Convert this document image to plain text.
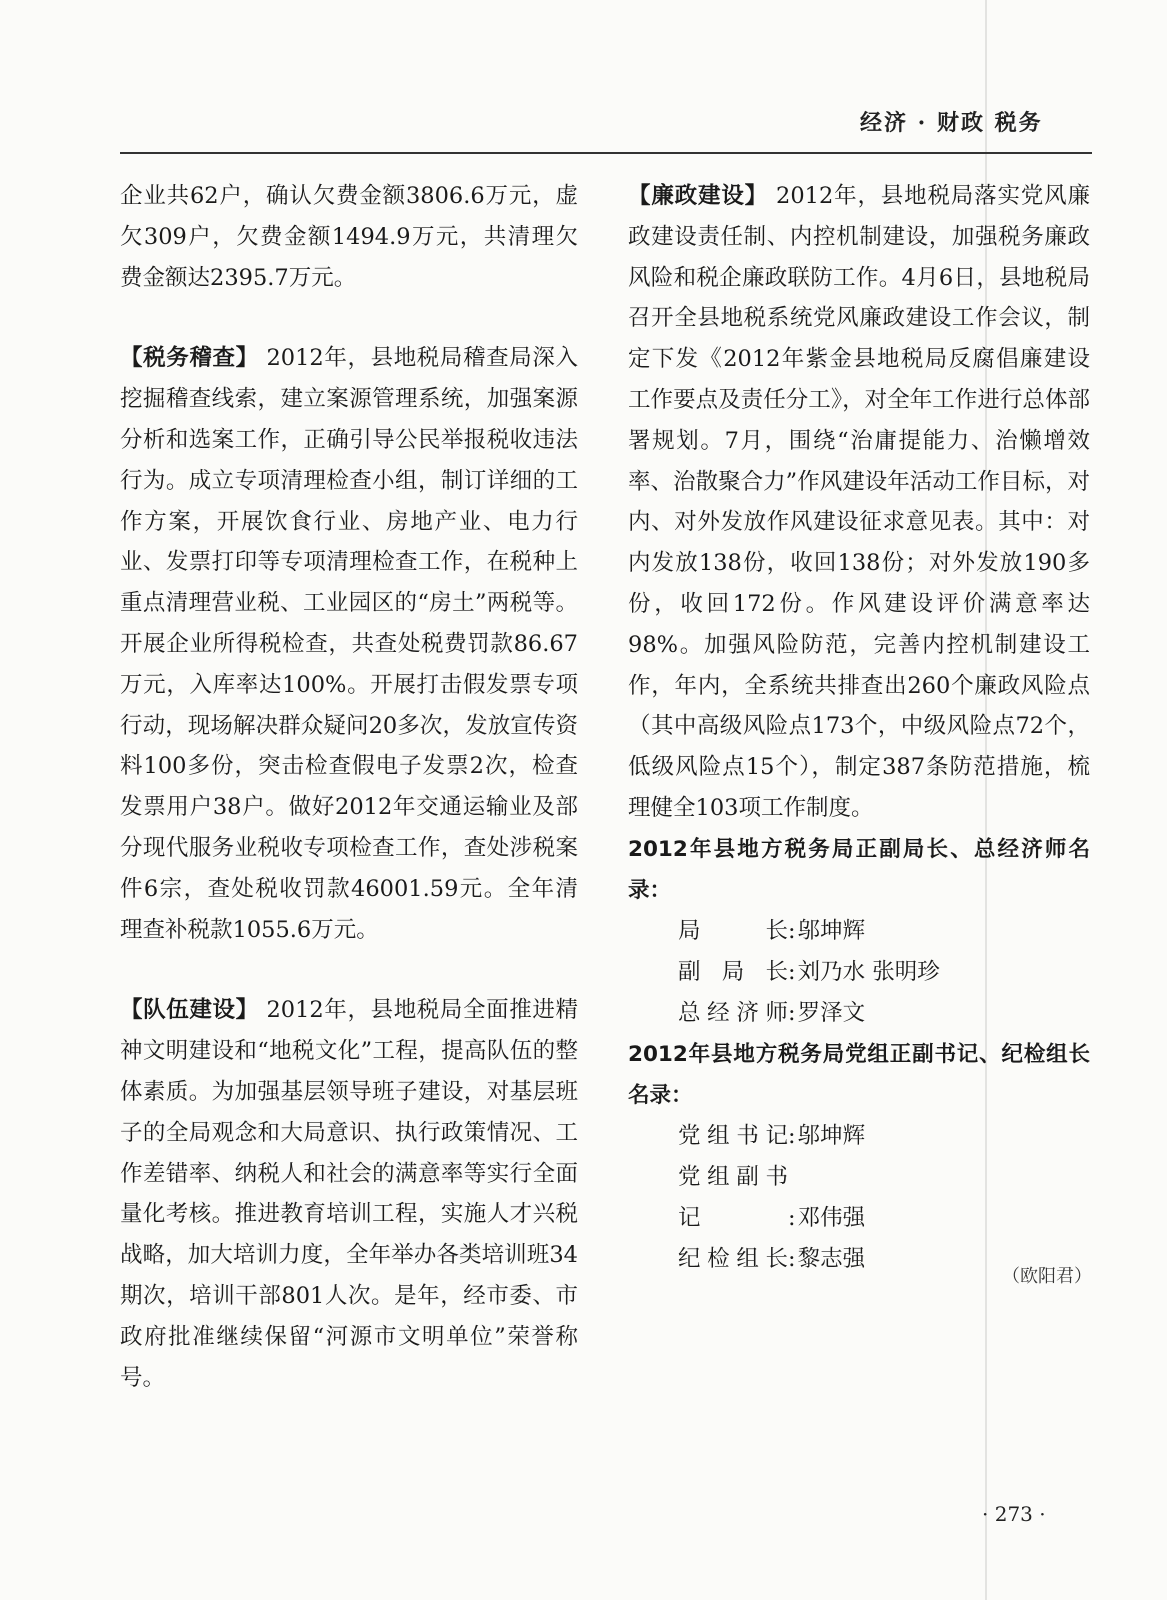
经济 · 财政 税务

企业共62户，确认欠费金额3806.6万元，虚欠309户，欠费金额1494.9万元，共清理欠费金额达2395.7万元。

【税务稽查】 2012年，县地税局稽查局深入挖掘稽查线索，建立案源管理系统，加强案源分析和选案工作，正确引导公民举报税收违法行为。成立专项清理检查小组，制订详细的工作方案，开展饮食行业、房地产业、电力行业、发票打印等专项清理检查工作，在税种上重点清理营业税、工业园区的“房土”两税等。开展企业所得税检查，共查处税费罚款86.67万元，入库率达100%。开展打击假发票专项行动，现场解决群众疑问20多次，发放宣传资料100多份，突击检查假电子发票2次，检查发票用户38户。做好2012年交通运输业及部分现代服务业税收专项检查工作，查处涉税案件6宗，查处税收罚款46001.59元。全年清理查补税款1055.6万元。

【队伍建设】 2012年，县地税局全面推进精神文明建设和“地税文化”工程，提高队伍的整体素质。为加强基层领导班子建设，对基层班子的全局观念和大局意识、执行政策情况、工作差错率、纳税人和社会的满意率等实行全面量化考核。推进教育培训工程，实施人才兴税战略，加大培训力度，全年举办各类培训班34期次，培训干部801人次。是年，经市委、市政府批准继续保留“河源市文明单位”荣誉称号。

【廉政建设】 2012年，县地税局落实党风廉政建设责任制、内控机制建设，加强税务廉政风险和税企廉政联防工作。4月6日，县地税局召开全县地税系统党风廉政建设工作会议，制定下发《2012年紫金县地税局反腐倡廉建设工作要点及责任分工》，对全年工作进行总体部署规划。7月，围绕“治庸提能力、治懒增效率、治散聚合力”作风建设年活动工作目标，对内、对外发放作风建设征求意见表。其中：对内发放138份，收回138份；对外发放190多份，收回172份。作风建设评价满意率达98%。加强风险防范，完善内控机制建设工作，年内，全系统共排查出260个廉政风险点（其中高级风险点173个，中级风险点72个，低级风险点15个），制定387条防范措施，梳理健全103项工作制度。

2012年县地方税务局正副局长、总经济师名录：

局长:邬坤辉
副局长:刘乃水 张明珍
总经济师:罗泽文

2012年县地方税务局党组正副书记、纪检组长名录：

党组书记:邬坤辉
党组副书记	:邓伟强
纪检组长:黎志强
（欧阳君）
· 273 ·
